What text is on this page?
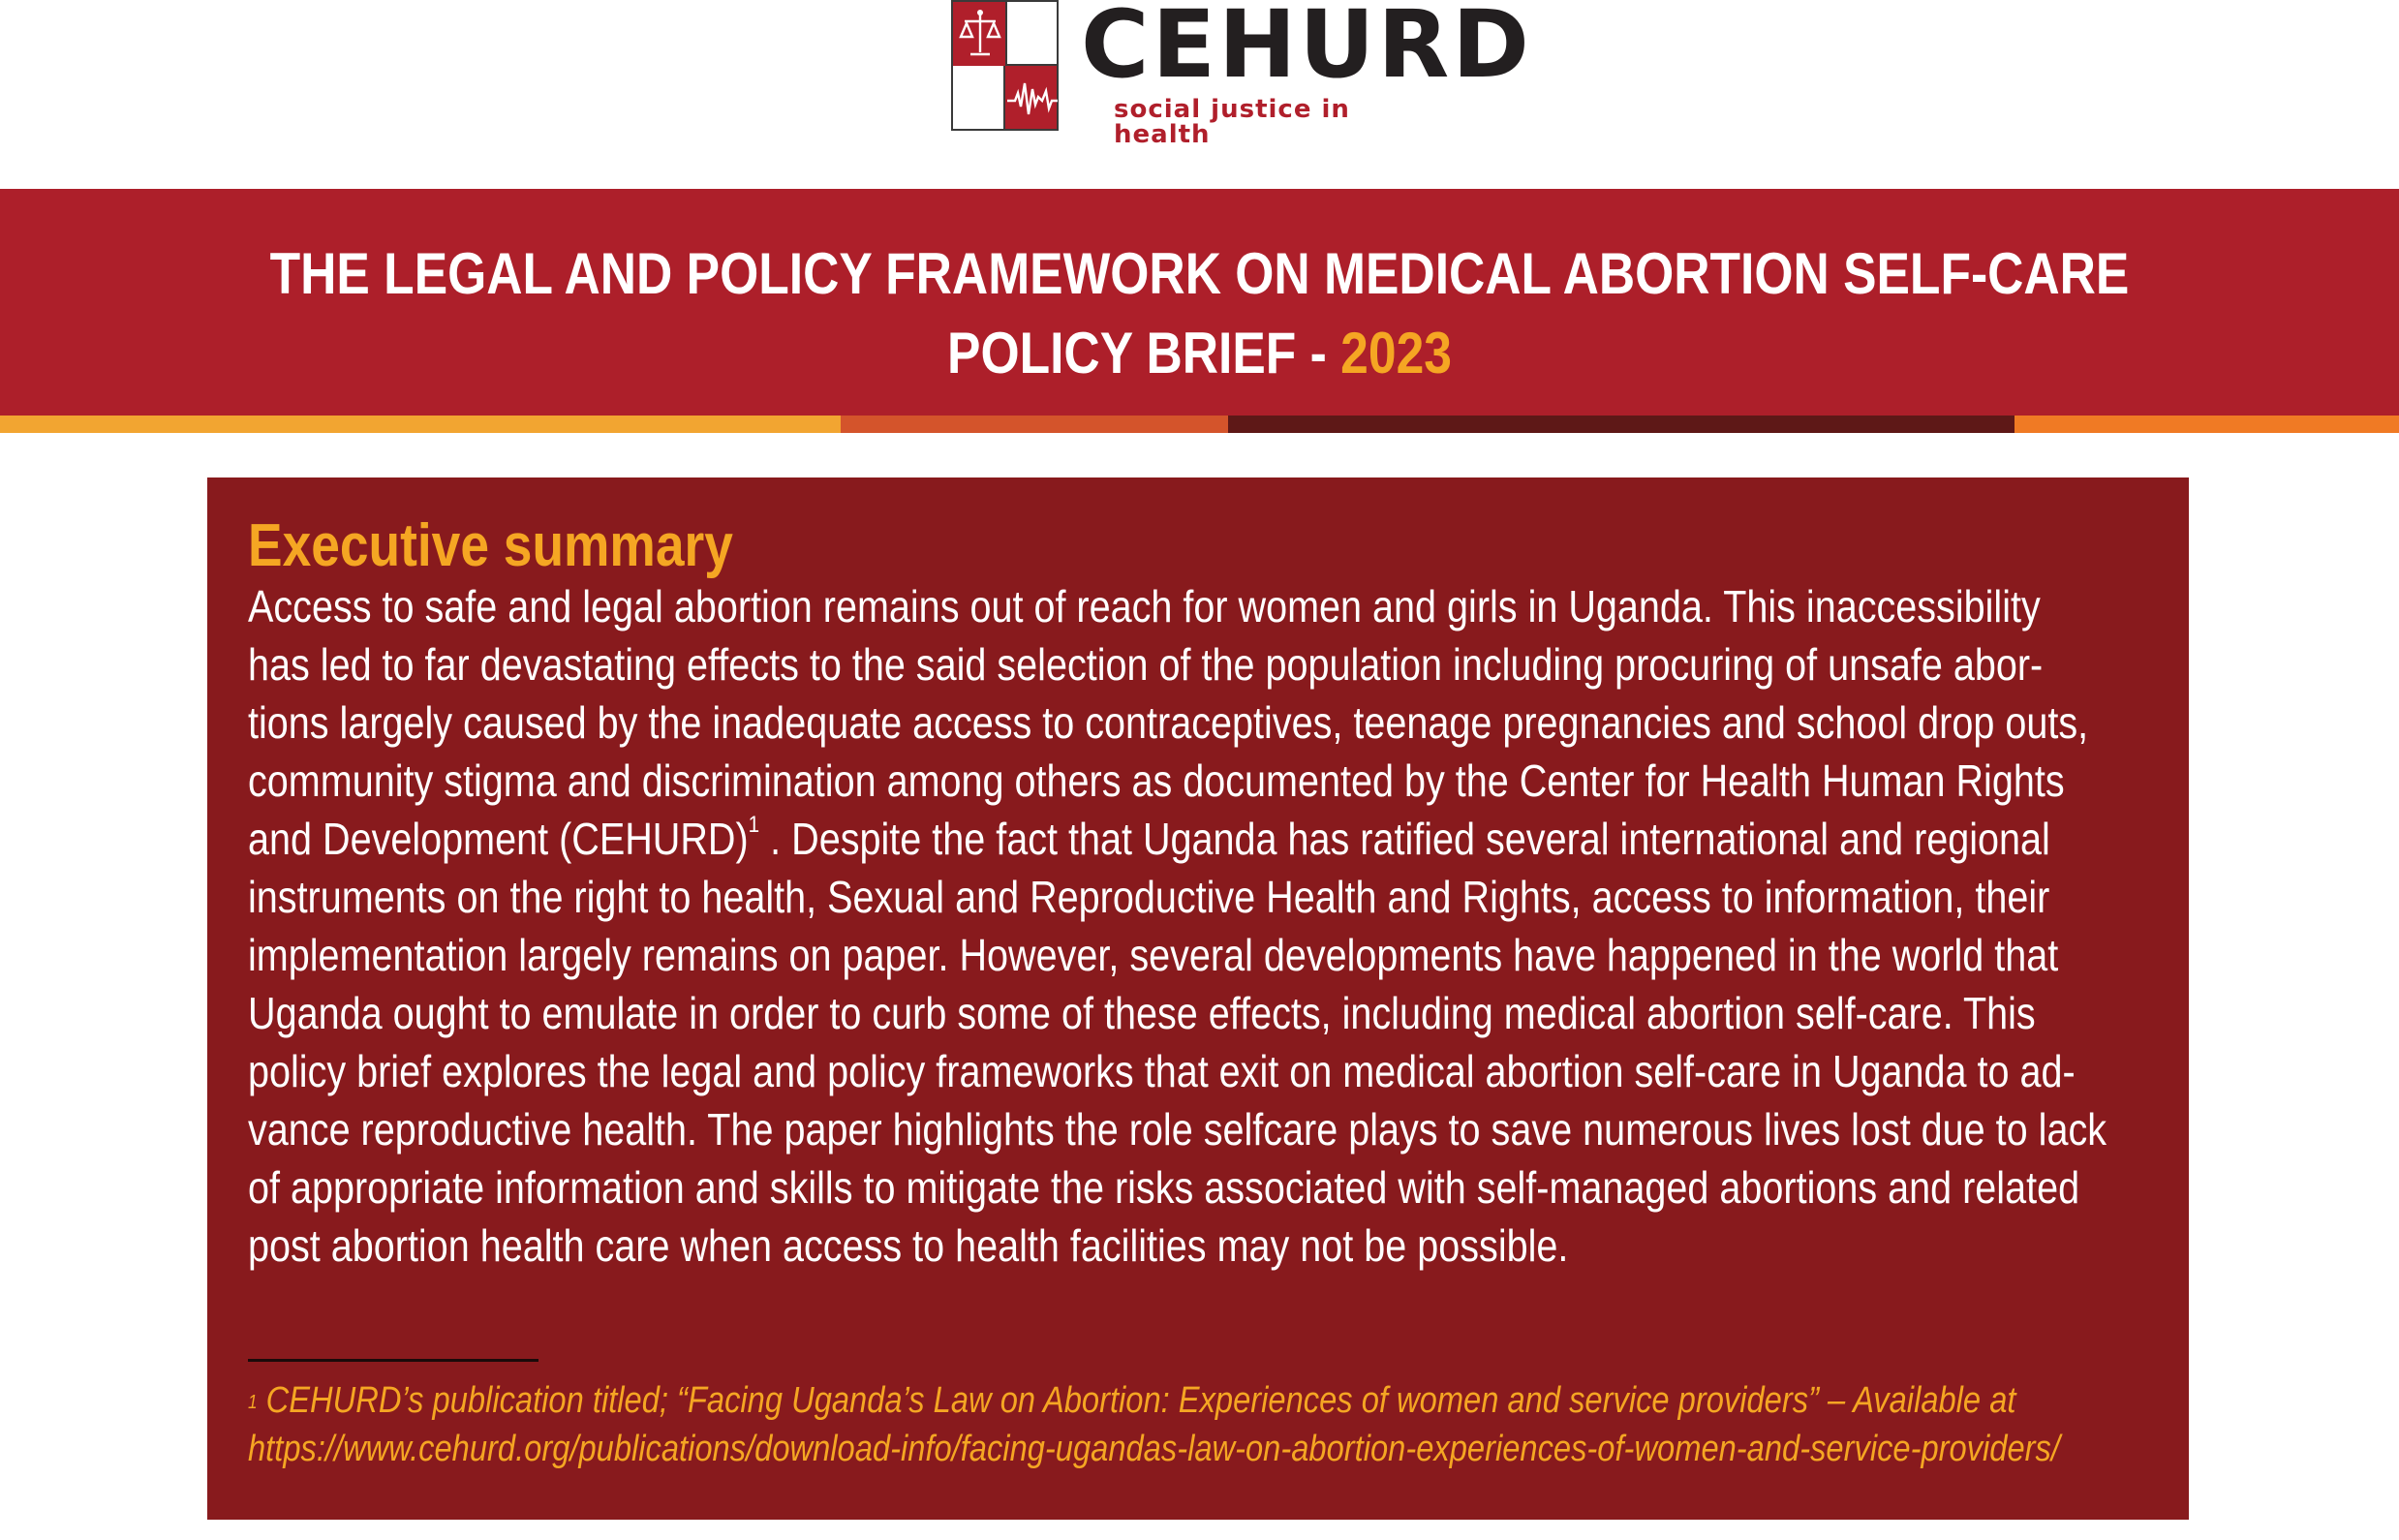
CEHURD
social justice in health
THE LEGAL AND POLICY FRAMEWORK ON MEDICAL ABORTION SELF-CARE
POLICY BRIEF - 2023
Executive summary
Access to safe and legal abortion remains out of reach for women and girls in Uganda. This inaccessibility
has led to far devastating effects to the said selection of the population including procuring of unsafe abor-
tions largely caused by the inadequate access to contraceptives, teenage pregnancies and school drop outs,
community stigma and discrimination among others as documented by the Center for Health Human Rights
and Development (CEHURD)$^1$ . Despite the fact that Uganda has ratified several international and regional
instruments on the right to health, Sexual and Reproductive Health and Rights, access to information, their
implementation largely remains on paper. However, several developments have happened in the world that
Uganda ought to emulate in order to curb some of these effects, including medical abortion self-care. This
policy brief explores the legal and policy frameworks that exit on medical abortion self-care in Uganda to ad-
vance reproductive health. The paper highlights the role selfcare plays to save numerous lives lost due to lack
of appropriate information and skills to mitigate the risks associated with self-managed abortions and related
post abortion health care when access to health facilities may not be possible.
$^1$ CEHURD’s publication titled; “Facing Uganda’s Law on Abortion: Experiences of women and service providers” – Available at
https://www.cehurd.org/publications/download-info/facing-ugandas-law-on-abortion-experiences-of-women-and-service-providers/
